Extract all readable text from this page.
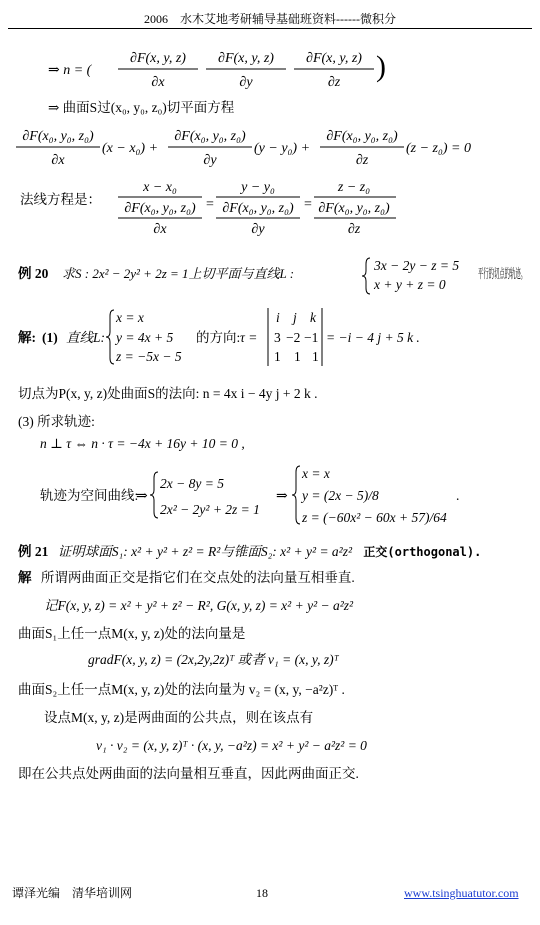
2006　水木艾地考研辅导基础班资料------微积分
⇒ n = (
∂F(x, y, z)
∂x
∂F(x, y, z)
∂y
∂F(x, y, z)
∂z )
⇒ 曲面S过(x₀, y₀, z₀)切平面方程
∂F(x₀, y₀, z₀)
∂x
(x − x₀) +
∂F(x₀, y₀, z₀)
∂y
(y − y₀) +
∂F(x₀, y₀, z₀)
∂z
(z − z₀) = 0
法线方程是：
x − x₀
∂F(x₀, y₀, z₀)
∂x
=
y − y₀
∂F(x₀, y₀, z₀)
∂y
=
z − z₀
∂F(x₀, y₀, z₀)
∂z
例 20 求S : 2x² − 2y² + 2z = 1上切平面与直线L :
3x − 2y − z = 5
x + y + z = 0
平行的切点的轨迹。
解: (1) 直线L:
x = x
y = 4x + 5
z = −5x − 5
的方向: τ =
i j k
3 −2 −1
1 1 1
= −i − 4 j + 5 k .
切点为P(x, y, z)处曲面S的法向: n = 4x i − 4y j + 2 k .
(3) 所求轨迹:
n ⊥ τ ⇔ n · τ = −4x + 16y + 10 = 0 ,
轨迹为空间曲线:
⇒
2x − 8y = 5
2x² − 2y² + 2z = 1
⇒
x = x
y = (2x − 5)/8
z = (−60x² − 60x + 57)/64
.
例 21 证明球面S₁: x² + y² + z² = R²与锥面S₂: x² + y² = a²z² 正交(orthogonal).
解 所谓两曲面正交是指它们在交点处的法向量互相垂直.
记F(x, y, z) = x² + y² + z² − R², G(x, y, z) = x² + y² − a²z²
曲面S₁上任一点M(x, y, z)处的法向量是
gradF(x, y, z) = (2x,2y,2z)ᵀ 或者 v₁ = (x, y, z)ᵀ
曲面S₂上任一点M(x, y, z)处的法向量为 v₂ = (x, y, −a²z)ᵀ .
设点M(x, y, z)是两曲面的公共点，则在该点有
v₁ · v₂ = (x, y, z)ᵀ · (x, y, −a²z) = x² + y² − a²z² = 0
即在公共点处两曲面的法向量相互垂直，因此两曲面正交.
谭泽光编　清华培训网	18	www.tsinghuatutor.com
